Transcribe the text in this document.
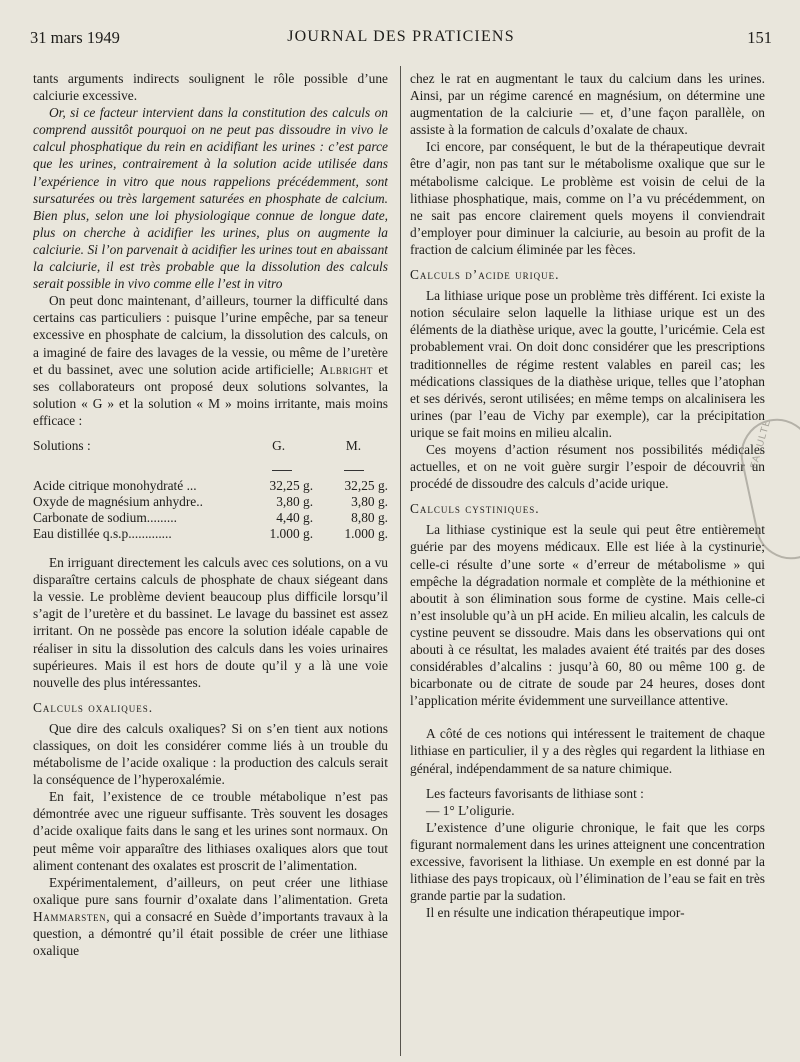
31 mars 1949	JOURNAL DES PRATICIENS	151

tants arguments indirects soulignent le rôle possible d’une calciurie excessive.

Or, si ce facteur intervient dans la constitution des calculs on comprend aussitôt pourquoi on ne peut pas dissoudre in vivo le calcul phosphatique du rein en acidifiant les urines : c’est parce que les urines, contrairement à la solution acide utilisée dans l’expérience in vitro que nous rappelions précédemment, sont sursaturées ou très largement saturées en phosphate de calcium. Bien plus, selon une loi physiologique connue de longue date, plus on cherche à acidifier les urines, plus on augmente la calciurie. Si l’on parvenait à acidifier les urines tout en abaissant la calciurie, il est très probable que la dissolution des calculs serait possible in vivo comme elle l’est in vitro

On peut donc maintenant, d’ailleurs, tourner la difficulté dans certains cas particuliers : puisque l’urine empêche, par sa teneur excessive en phosphate de calcium, la dissolution des calculs, on a imaginé de faire des lavages de la vessie, ou même de l’uretère et du bassinet, avec une solution acide artificielle; Albright et ses collaborateurs ont proposé deux solutions solvantes, la solution « G » et la solution « M » moins irritante, mais moins efficace :

Solutions :	G.	M.

Acide citrique monohydraté ...	32,25 g.	32,25 g.
Oxyde de magnésium anhydre..	3,80 g.	3,80 g.
Carbonate de sodium.........	4,40 g.	8,80 g.
Eau distillée q.s.p.............	1.000 g.	1.000 g.

En irriguant directement les calculs avec ces solutions, on a vu disparaître certains calculs de phosphate de chaux siégeant dans la vessie. Le problème devient beaucoup plus difficile lorsqu’il s’agit de l’uretère et du bassinet. Le lavage du bassinet est assez irritant. On ne possède pas encore la solution idéale capable de réaliser in situ la dissolution des calculs dans les voies urinaires supérieures. Mais il est hors de doute qu’il y a là une voie nouvelle des plus intéressantes.

Calculs oxaliques.

Que dire des calculs oxaliques? Si on s’en tient aux notions classiques, on doit les considérer comme liés à un trouble du métabolisme de l’acide oxalique : la production des calculs serait la conséquence de l’hyperoxalémie.

En fait, l’existence de ce trouble métabolique n’est pas démontrée avec une rigueur suffisante. Très souvent les dosages d’acide oxalique faits dans le sang et les urines sont normaux. On peut même voir apparaître des lithiases oxaliques alors que tout aliment contenant des oxalates est proscrit de l’alimentation.

Expérimentalement, d’ailleurs, on peut créer une lithiase oxalique pure sans fournir d’oxalate dans l’alimentation. Greta Hammarsten, qui a consacré en Suède d’importants travaux à la question, a démontré qu’il était possible de créer une lithiase oxalique

chez le rat en augmentant le taux du calcium dans les urines. Ainsi, par un régime carencé en magnésium, on détermine une augmentation de la calciurie — et, d’une façon parallèle, on assiste à la formation de calculs d’oxalate de chaux.

Ici encore, par conséquent, le but de la thérapeutique devrait être d’agir, non pas tant sur le métabolisme oxalique que sur le métabolisme calcique. Le problème est voisin de celui de la lithiase phosphatique, mais, comme on l’a vu précédemment, on ne sait pas encore clairement quels moyens il conviendrait d’employer pour diminuer la calciurie, au besoin au profit de la fraction de calcium éliminée par les fèces.

Calculs d’acide urique.

La lithiase urique pose un problème très différent. Ici existe la notion séculaire selon laquelle la lithiase urique est un des éléments de la diathèse urique, avec la goutte, l’uricémie. Cela est probablement vrai. On doit donc considérer que les prescriptions traditionnelles de régime restent valables en pareil cas; les médications classiques de la diathèse urique, telles que l’atophan et ses dérivés, seront utilisées; en même temps on alcalinisera les urines (par l’eau de Vichy par exemple), car la précipitation urique se fait moins en milieu alcalin.

Ces moyens d’action résument nos possibilités médicales actuelles, et on ne voit guère surgir l’espoir de découvrir un procédé de dissoudre des calculs d’acide urique.

Calculs cystiniques.

La lithiase cystinique est la seule qui peut être entièrement guérie par des moyens médicaux. Elle est liée à la cystinurie; celle-ci résulte d’une sorte « d’erreur de métabolisme » qui empêche la dégradation normale et complète de la méthionine et aboutit à son élimination sous forme de cystine. Mais celle-ci n’est insoluble qu’à un pH acide. En milieu alcalin, les calculs de cystine peuvent se dissoudre. Mais dans les observations qui ont abouti à ce résultat, les malades avaient été traités par des doses considérables d’alcalins : jusqu’à 60, 80 ou même 100 g. de bicarbonate ou de citrate de soude par 24 heures, doses dont l’application mérite évidemment une surveillance attentive.

A côté de ces notions qui intéressent le traitement de chaque lithiase en particulier, il y a des règles qui regardent la lithiase en général, indépendamment de sa nature chimique.

Les facteurs favorisants de lithiase sont :

— 1° L’oligurie.

L’existence d’une oligurie chronique, le fait que les corps figurant normalement dans les urines atteignent une concentration excessive, favorisent la lithiase. Un exemple en est donné par la lithiase des pays tropicaux, où l’élimination de l’eau se fait en très grande partie par la sudation.

Il en résulte une indication thérapeutique impor-

FACULTÉ
